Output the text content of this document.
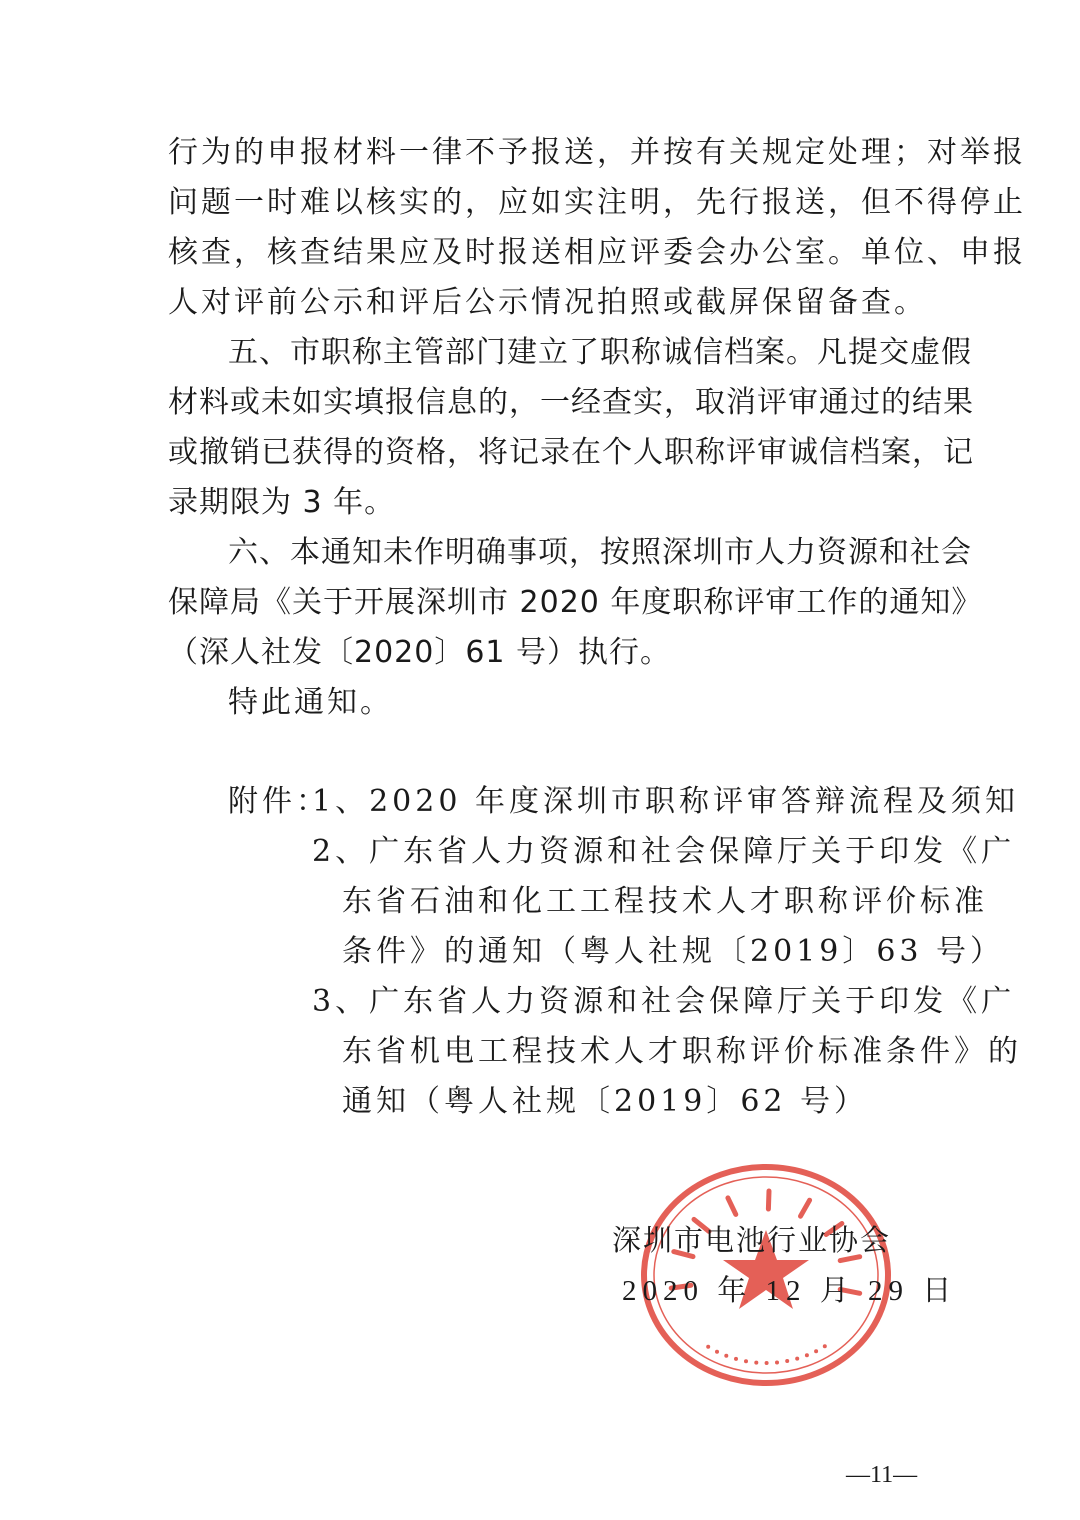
行为的申报材料一律不予报送，并按有关规定处理；对举报
问题一时难以核实的，应如实注明，先行报送，但不得停止
核查，核查结果应及时报送相应评委会办公室。单位、申报
人对评前公示和评后公示情况拍照或截屏保留备查。
五、市职称主管部门建立了职称诚信档案。凡提交虚假
材料或未如实填报信息的，一经查实，取消评审通过的结果
或撤销已获得的资格，将记录在个人职称评审诚信档案，记
录期限为 3 年。
六、本通知未作明确事项，按照深圳市人力资源和社会
保障局《关于开展深圳市 2020 年度职称评审工作的通知》
（深人社发〔2020〕61 号）执行。
特此通知。
附件：
1、2020 年度深圳市职称评审答辩流程及须知
2、广东省人力资源和社会保障厅关于印发《广
东省石油和化工工程技术人才职称评价标准
条件》的通知（粤人社规〔2019〕63 号）
3、广东省人力资源和社会保障厅关于印发《广
东省机电工程技术人才职称评价标准条件》的
通知（粤人社规〔2019〕62 号）
深圳市电池行业协会
2020 年 12 月 29 日
—11—
